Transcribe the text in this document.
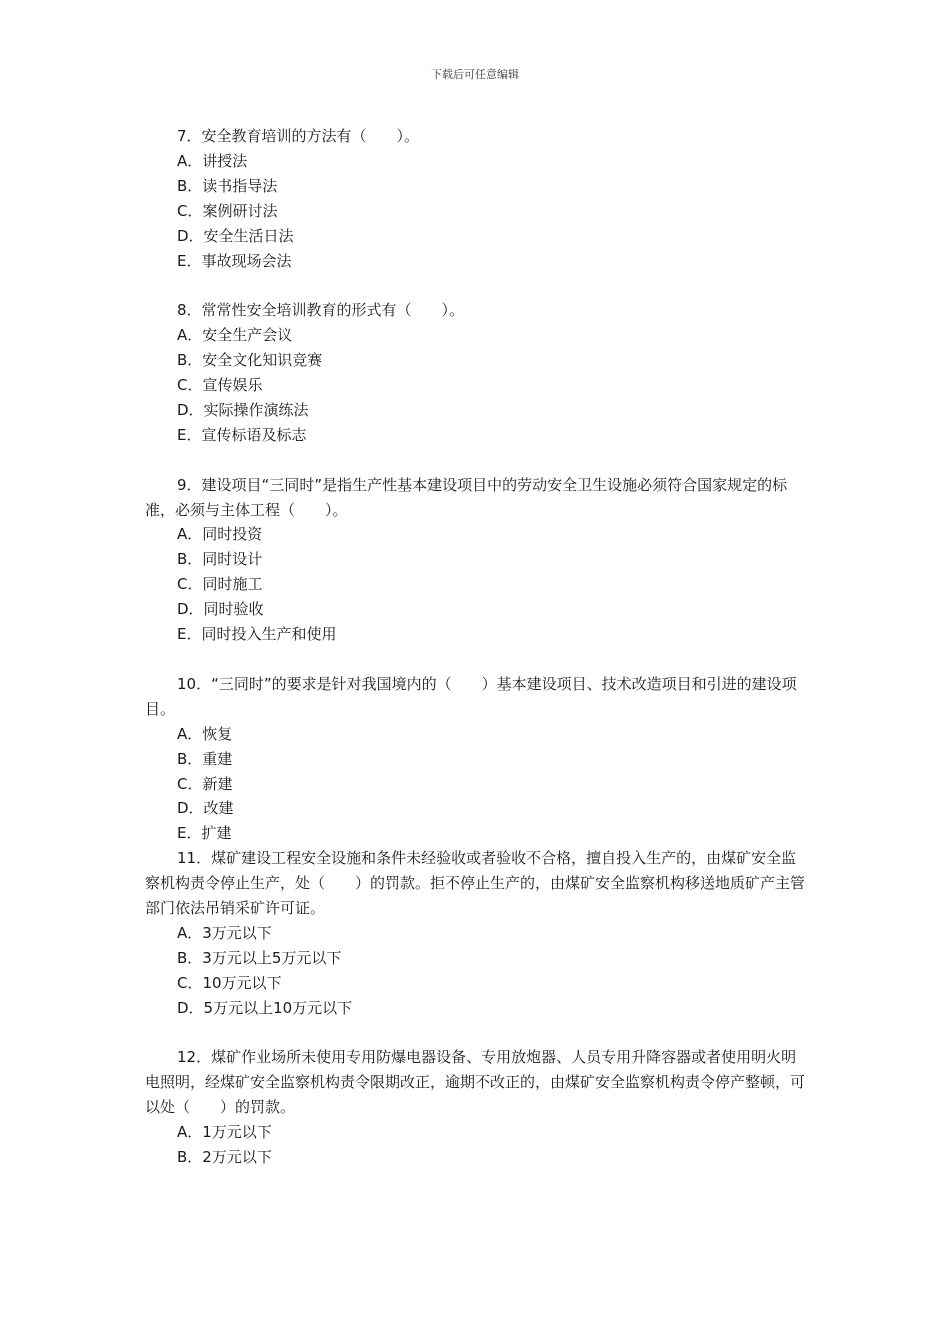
下载后可任意编辑

7．安全教育培训的方法有（　　）。

A．讲授法

B．读书指导法

C．案例研讨法

D．安全生活日法

E．事故现场会法

8．常常性安全培训教育的形式有（　　）。

A．安全生产会议

B．安全文化知识竞赛

C．宣传娱乐

D．实际操作演练法

E．宣传标语及标志

9．建设项目“三同时”是指生产性基本建设项目中的劳动安全卫生设施必须符合国家规定的标准，必须与主体工程（　　）。

A．同时投资

B．同时设计

C．同时施工

D．同时验收

E．同时投入生产和使用

10．“三同时”的要求是针对我国境内的（　　）基本建设项目、技术改造项目和引进的建设项目。

A．恢复

B．重建

C．新建

D．改建

E．扩建

11．煤矿建设工程安全设施和条件未经验收或者验收不合格，擅自投入生产的，由煤矿安全监察机构责令停止生产，处（　　）的罚款。拒不停止生产的，由煤矿安全监察机构移送地质矿产主管部门依法吊销采矿许可证。

A．3万元以下

B．3万元以上5万元以下

C．10万元以下

D．5万元以上10万元以下

12．煤矿作业场所未使用专用防爆电器设备、专用放炮器、人员专用升降容器或者使用明火明电照明，经煤矿安全监察机构责令限期改正，逾期不改正的，由煤矿安全监察机构责令停产整顿，可以处（　　）的罚款。

A．1万元以下

B．2万元以下
